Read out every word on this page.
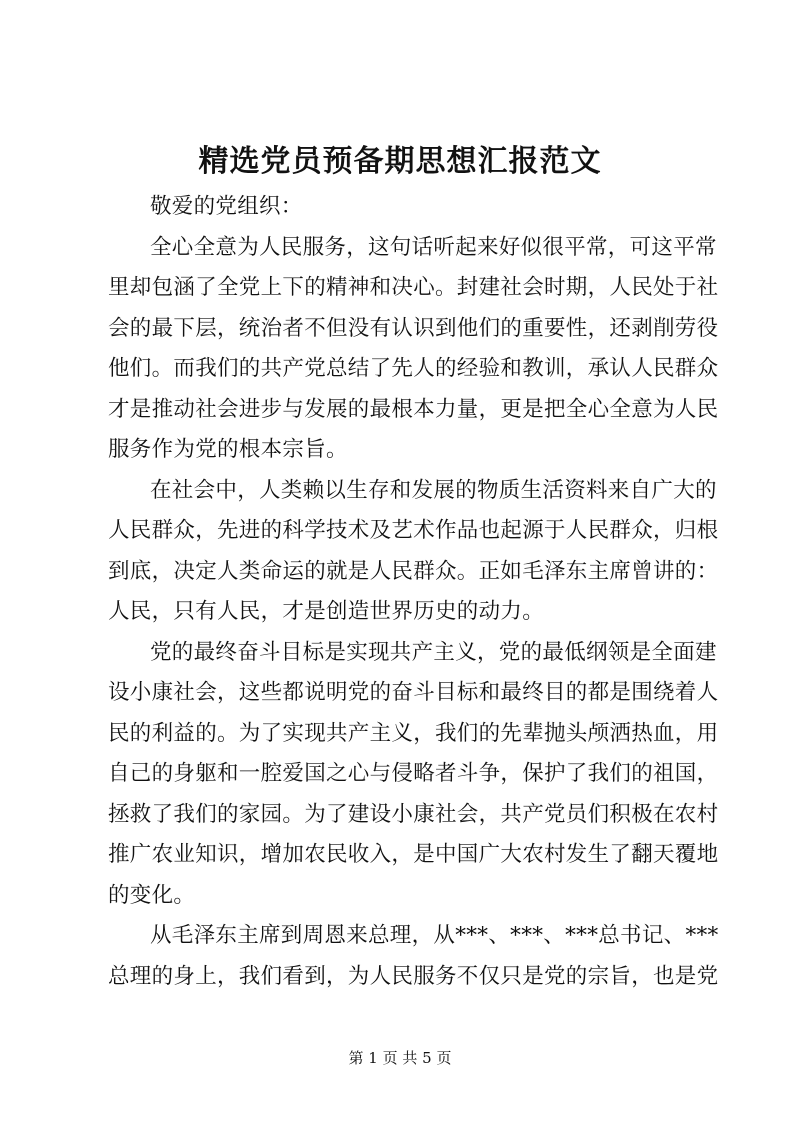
精选党员预备期思想汇报范文
敬爱的党组织：
全心全意为人民服务，这句话听起来好似很平常，可这平常
里却包涵了全党上下的精神和决心。封建社会时期，人民处于社
会的最下层，统治者不但没有认识到他们的重要性，还剥削劳役
他们。而我们的共产党总结了先人的经验和教训，承认人民群众
才是推动社会进步与发展的最根本力量，更是把全心全意为人民
服务作为党的根本宗旨。
在社会中，人类赖以生存和发展的物质生活资料来自广大的
人民群众，先进的科学技术及艺术作品也起源于人民群众，归根
到底，决定人类命运的就是人民群众。正如毛泽东主席曾讲的：
人民，只有人民，才是创造世界历史的动力。
党的最终奋斗目标是实现共产主义，党的最低纲领是全面建
设小康社会，这些都说明党的奋斗目标和最终目的都是围绕着人
民的利益的。为了实现共产主义，我们的先辈抛头颅洒热血，用
自己的身躯和一腔爱国之心与侵略者斗争，保护了我们的祖国，
拯救了我们的家园。为了建设小康社会，共产党员们积极在农村
推广农业知识，增加农民收入，是中国广大农村发生了翻天覆地
的变化。
从毛泽东主席到周恩来总理，从***、***、***总书记、***
总理的身上，我们看到，为人民服务不仅只是党的宗旨，也是党
第 1 页 共 5 页
